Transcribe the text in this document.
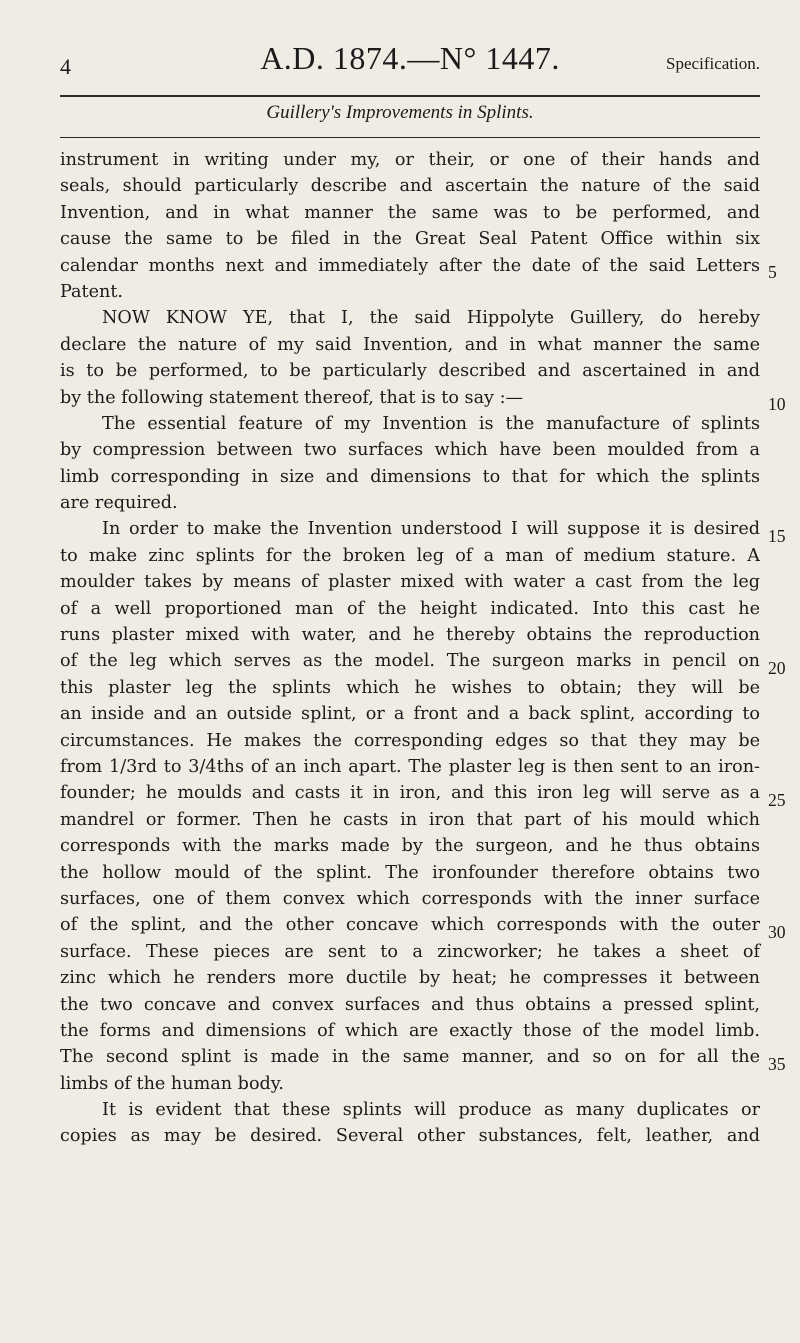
4	A.D. 1874.—N° 1447.	Specification.
Guillery's Improvements in Splints.
instrument in writing under my, or their, or one of their hands and
seals, should particularly describe and ascertain the nature of the said
Invention, and in what manner the same was to be performed, and
cause the same to be filed in the Great Seal Patent Office within six
calendar months next and immediately after the date of the said Letters
Patent.
NOW KNOW YE, that I, the said Hippolyte Guillery, do hereby
declare the nature of my said Invention, and in what manner the same
is to be performed, to be particularly described and ascertained in and
by the following statement thereof, that is to say :—
The essential feature of my Invention is the manufacture of splints
by compression between two surfaces which have been moulded from a
limb corresponding in size and dimensions to that for which the splints
are required.
In order to make the Invention understood I will suppose it is desired
to make zinc splints for the broken leg of a man of medium stature. A
moulder takes by means of plaster mixed with water a cast from the leg
of a well proportioned man of the height indicated. Into this cast he
runs plaster mixed with water, and he thereby obtains the reproduction
of the leg which serves as the model. The surgeon marks in pencil on
this plaster leg the splints which he wishes to obtain; they will be
an inside and an outside splint, or a front and a back splint, according to
circumstances. He makes the corresponding edges so that they may be
from 1/3rd to 3/4ths of an inch apart. The plaster leg is then sent to an iron-
founder; he moulds and casts it in iron, and this iron leg will serve as a
mandrel or former. Then he casts in iron that part of his mould which
corresponds with the marks made by the surgeon, and he thus obtains
the hollow mould of the splint. The ironfounder therefore obtains two
surfaces, one of them convex which corresponds with the inner surface
of the splint, and the other concave which corresponds with the outer
surface. These pieces are sent to a zincworker; he takes a sheet of
zinc which he renders more ductile by heat; he compresses it between
the two concave and convex surfaces and thus obtains a pressed splint,
the forms and dimensions of which are exactly those of the model limb.
The second splint is made in the same manner, and so on for all the
limbs of the human body.
It is evident that these splints will produce as many duplicates or
copies as may be desired. Several other substances, felt, leather, and
5
10
15
20
25
30
35
